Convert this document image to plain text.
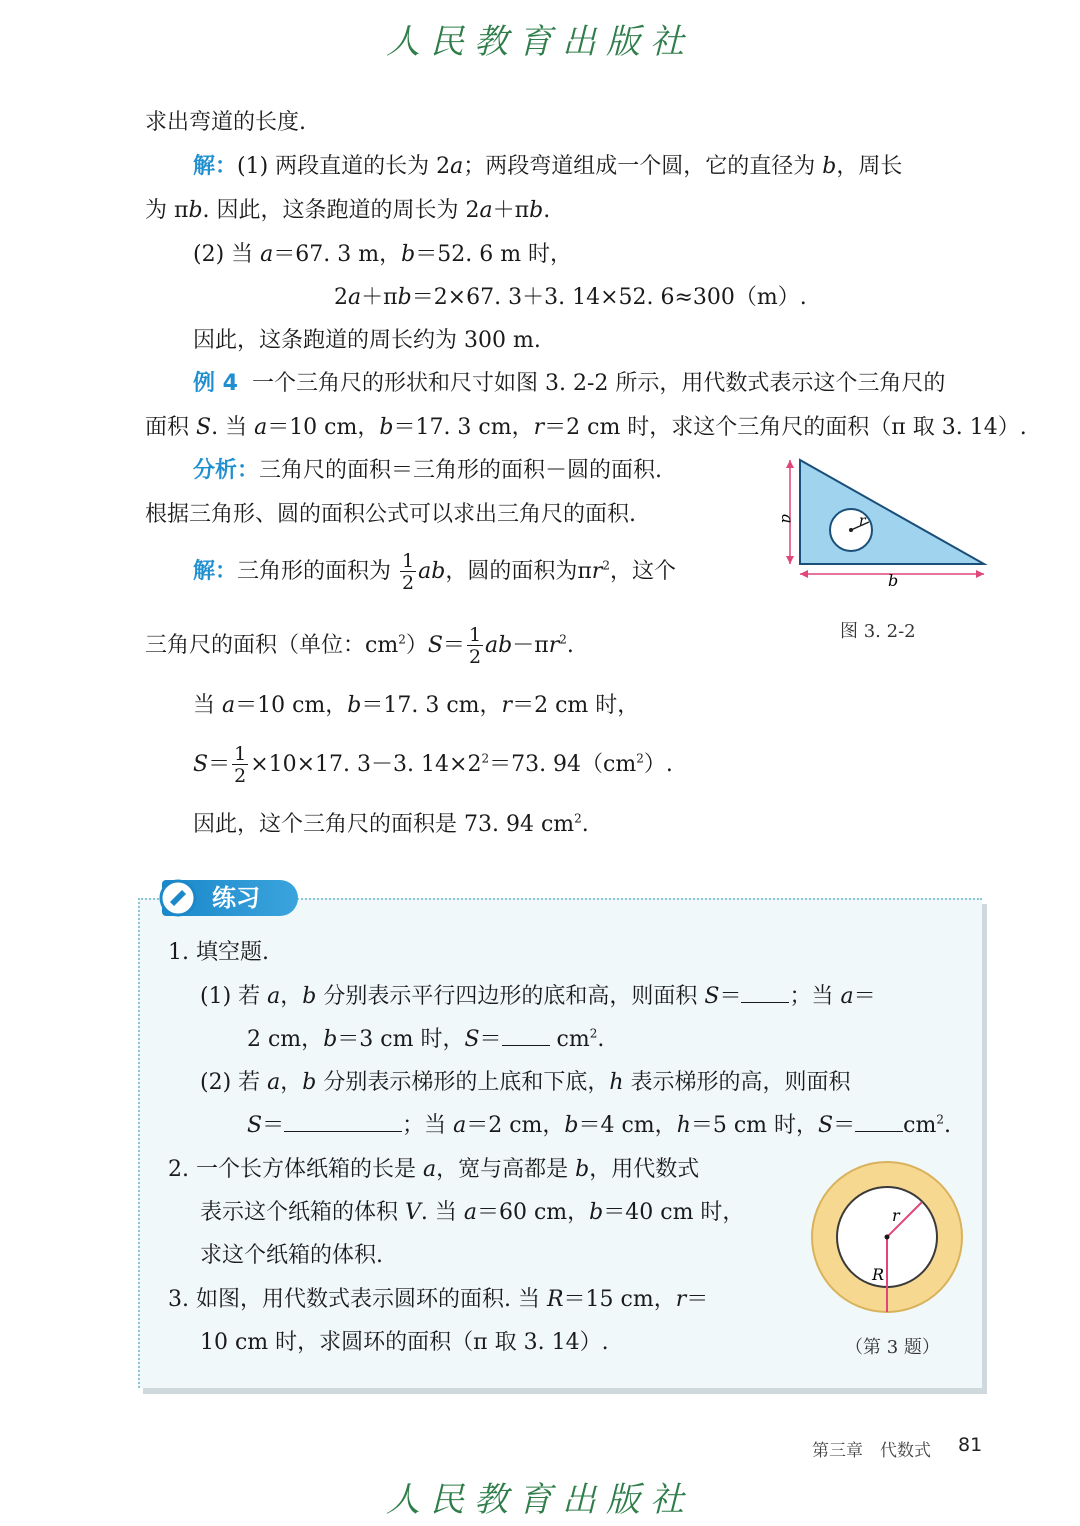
人民教育出版社
求出弯道的长度.
解：(1) 两段直道的长为 2a；两段弯道组成一个圆，它的直径为 b，周长
为 πb. 因此，这条跑道的周长为 2a＋πb.
(2) 当 a＝67. 3 m，b＝52. 6 m 时，
2a＋πb＝2×67. 3＋3. 14×52. 6≈300（m）.
因此，这条跑道的周长约为 300 m.
例 4 一个三角尺的形状和尺寸如图 3. 2-2 所示，用代数式表示这个三角尺的
面积 S. 当 a＝10 cm，b＝17. 3 cm，r＝2 cm 时，求这个三角尺的面积（π 取 3. 14）.
分析：三角尺的面积＝三角形的面积－圆的面积.
根据三角形、圆的面积公式可以求出三角尺的面积.
解：三角形的面积为 $\frac{1}{2}$ ab，圆的面积为$\pi r^2$，这个
三角尺的面积（单位：$cm^2)S= \frac{1}{2} ab-\pi r^2$.
当 a＝10 cm，b＝17. 3 cm，r＝2 cm 时，
$S= \frac{1}{2} \times 10\times 17$. 3－3. $14\times 2^2=73$. $94(cm^2)$.
因此，这个三角尺的面积是 73. 94 $cm^2$.
r
a
b
图 3. 2-2
练习
1. 填空题.
(1) 若 a，b 分别表示平行四边形的底和高，则面积 S＝ ；当 a＝
2 cm，b＝3 cm 时，$S= cm^2$.
(2) 若 a，b 分别表示梯形的上底和下底，h 表示梯形的高，则面积
S＝	；当 a＝2 cm，b＝4 cm，h＝5 cm 时，$S= cm^2$.
2. 一个长方体纸箱的长是 a，宽与高都是 b，用代数式
表示这个纸箱的体积 V. 当 a＝60 cm，b＝40 cm 时，
求这个纸箱的体积.
3. 如图，用代数式表示圆环的面积. 当 R＝15 cm，r＝
10 cm 时，求圆环的面积（π 取 3. 14）.
r
R
（第 3 题）
第三章　代数式 81
人民教育出版社
